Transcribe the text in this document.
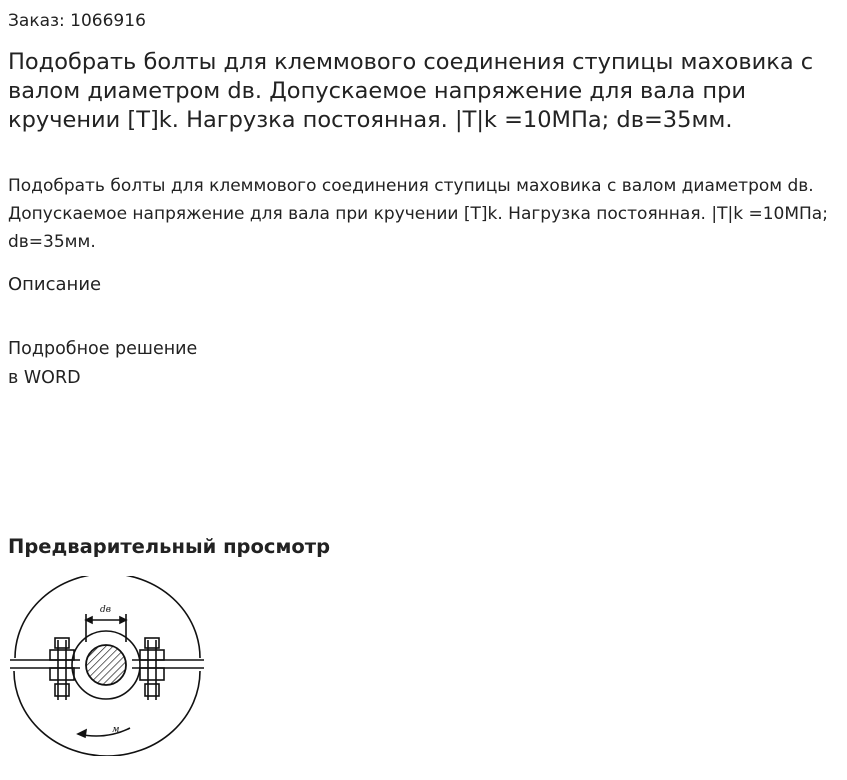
Заказ: 1066916
Подобрать болты для клеммового соединения ступицы маховика с валом диаметром dв. Допускаемое напряжение для вала при кручении [Т]k. Нагрузка постоянная. |T|k =10МПа; dв=35мм.

Подобрать болты для клеммового соединения ступицы маховика с валом диаметром dв. Допускаемое напряжение для вала при кручении [Т]k. Нагрузка постоянная. |T|k =10МПа; dв=35мм.

Описание
Подробное решение
в WORD
Предварительный просмотр
dв
м
